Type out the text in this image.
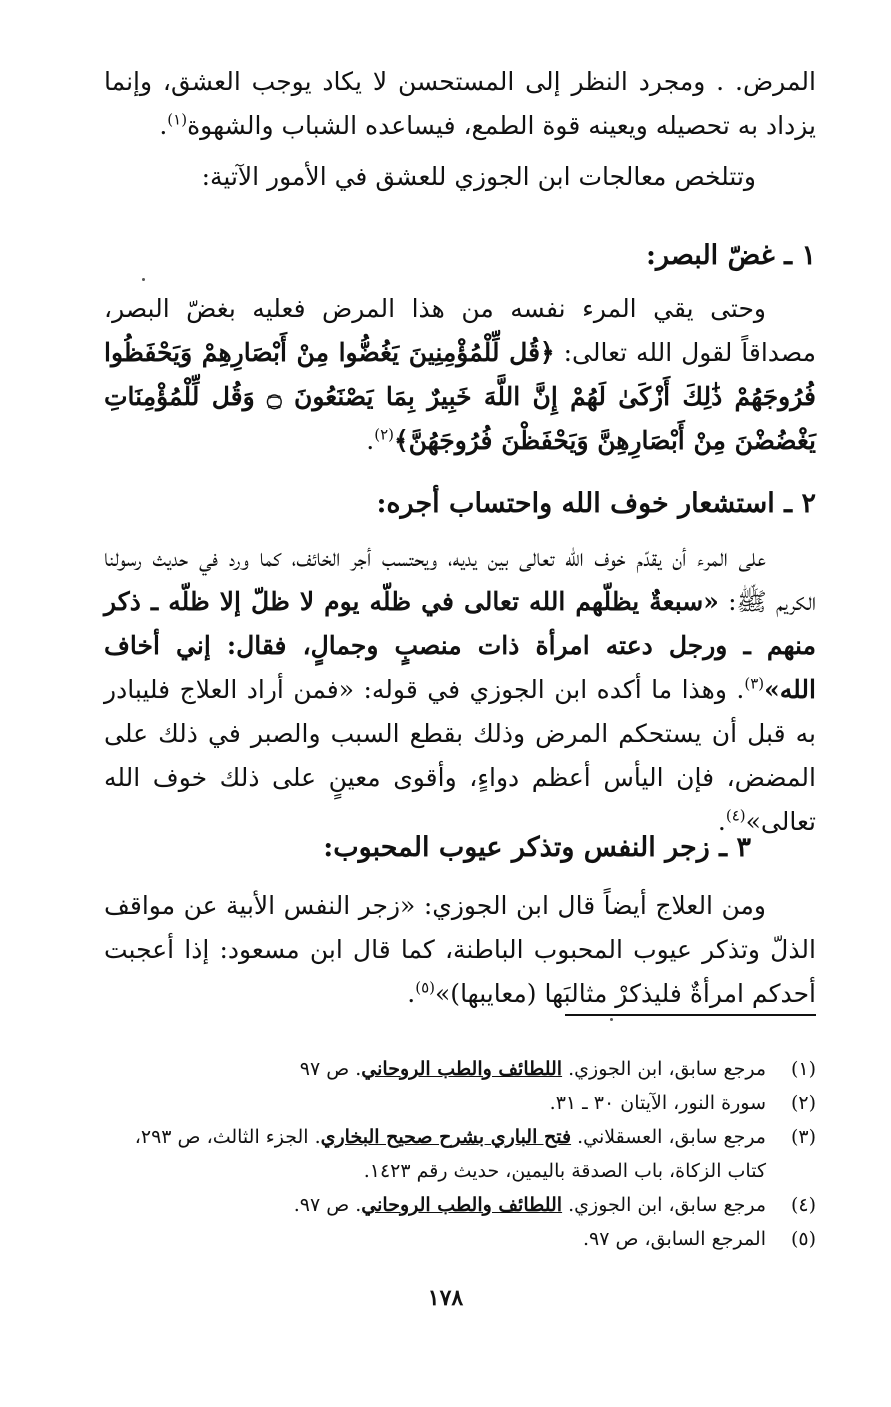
المرض. . ومجرد النظر إلى المستحسن لا يكاد يوجب العشق، وإنما يزداد به تحصيله ويعينه قوة الطمع، فيساعده الشباب والشهوة$^{(١)}$.
وتتلخص معالجات ابن الجوزي للعشق في الأمور الآتية:
١ ـ غضّ البصر:
وحتى يقي المرء نفسه من هذا المرض فعليه بغضّ البصر، مصداقاً لقول الله تعالى: ﴿قُل لِّلْمُؤْمِنِينَ يَغُضُّوا مِنْ أَبْصَارِهِمْ وَيَحْفَظُوا فُرُوجَهُمْ ذَٰلِكَ أَزْكَىٰ لَهُمْ إِنَّ اللَّهَ خَبِيرٌ بِمَا يَصْنَعُونَ ۝ وَقُل لِّلْمُؤْمِنَاتِ يَغْضُضْنَ مِنْ أَبْصَارِهِنَّ وَيَحْفَظْنَ فُرُوجَهُنَّ﴾$^{(٢)}$.
٢ ـ استشعار خوف الله واحتساب أجره:
على المرء أن يقدّم خوف الله تعالى بين يديه، ويحتسب أجر الخائف، كما ورد في حديث رسولنا الكريم ﷺ: «سبعةٌ يظلّهم الله تعالى في ظلّه يوم لا ظلّ إلا ظلّه ـ ذكر منهم ـ ورجل دعته امرأة ذات منصبٍ وجمالٍ، فقال: إني أخاف الله»$^{(٣)}$. وهذا ما أكده ابن الجوزي في قوله: «فمن أراد العلاج فليبادر به قبل أن يستحكم المرض وذلك بقطع السبب والصبر في ذلك على المضض، فإن اليأس أعظم دواءٍ، وأقوى معينٍ على ذلك خوف الله تعالى»$^{(٤)}$.
٣ ـ زجر النفس وتذكر عيوب المحبوب:
ومن العلاج أيضاً قال ابن الجوزي: «زجر النفس الأبية عن مواقف الذلّ وتذكر عيوب المحبوب الباطنة، كما قال ابن مسعود: إذا أعجبت أحدكم امرأةٌ فليذكرْ مثالبَها (معايبها)»$^{(٥)}$.
(١)مرجع سابق، ابن الجوزي. اللطائف والطب الروحاني. ص ٩٧
(٢)سورة النور، الآيتان ٣٠ ـ ٣١.
(٣)مرجع سابق، العسقلاني. فتح الباري بشرح صحيح البخاري. الجزء الثالث، ص ٢٩٣، كتاب الزكاة، باب الصدقة باليمين، حديث رقم ١٤٢٣.
(٤)مرجع سابق، ابن الجوزي. اللطائف والطب الروحاني. ص ٩٧.
(٥)المرجع السابق، ص ٩٧.
١٧٨
